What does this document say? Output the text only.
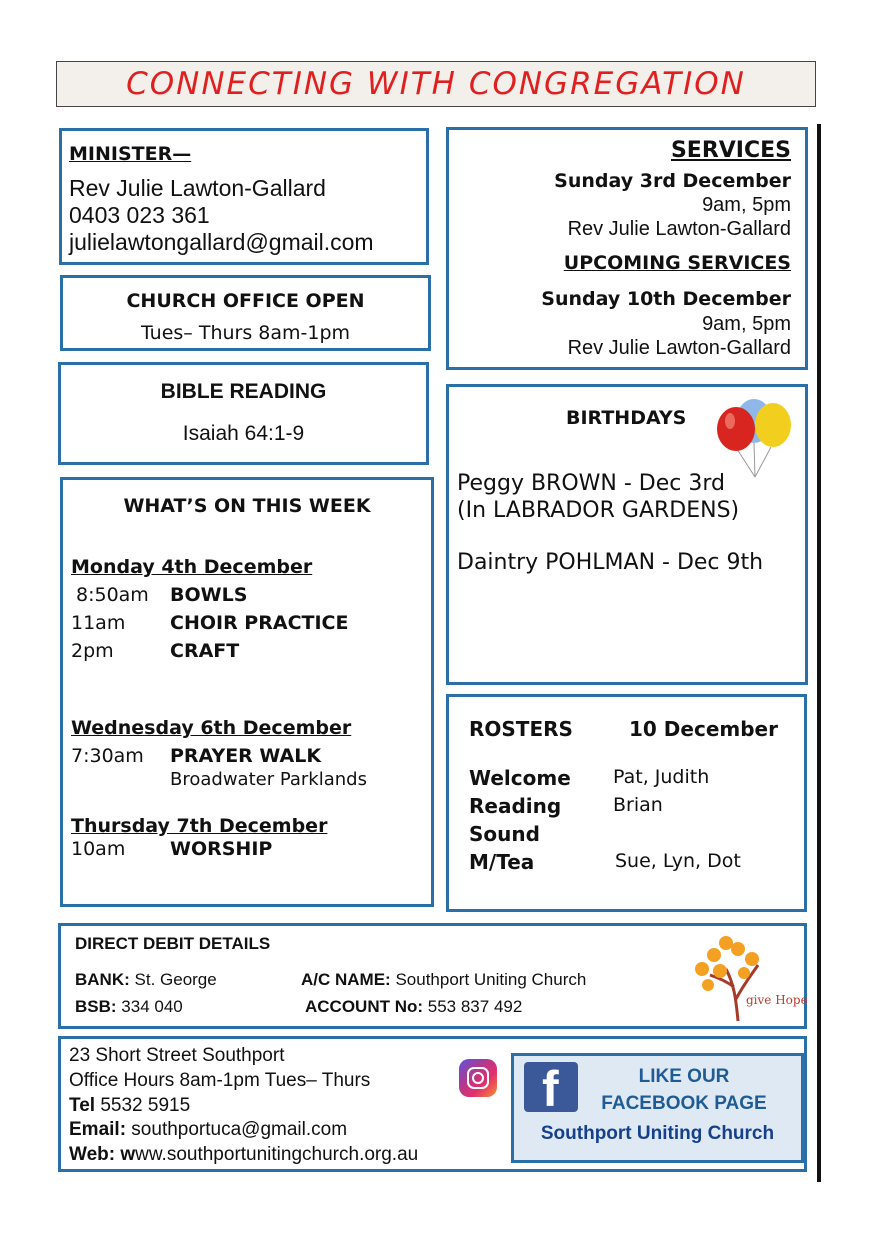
CONNECTING WITH CONGREGATION
MINISTER—
Rev Julie Lawton-Gallard
0403 023 361
julielawtongallard@gmail.com
CHURCH OFFICE OPEN
Tues– Thurs 8am-1pm
BIBLE READING
Isaiah 64:1-9
WHAT’S ON THIS WEEK
Monday 4th December
8:50am BOWLS
11am CHOIR PRACTICE
2pm	CRAFT
Wednesday 6th December
7:30am PRAYER WALK
Broadwater Parklands
Thursday 7th December
10am WORSHIP
SERVICES
Sunday 3rd December
9am, 5pm
Rev Julie Lawton-Gallard
UPCOMING SERVICES
Sunday 10th December
9am, 5pm
Rev Julie Lawton-Gallard
BIRTHDAYS
Peggy BROWN - Dec 3rd
(In LABRADOR GARDENS)
Daintry POHLMAN - Dec 9th
ROSTERS	10 December
Welcome Pat, Judith
Reading	Brian
Sound
M/Tea	Sue, Lyn, Dot
DIRECT DEBIT DETAILS
BANK: St. George	A/C NAME: Southport Uniting Church
BSB: 334 040	ACCOUNT No: 553 837 492	give Hope
23 Short Street Southport
Office Hours 8am-1pm Tues– Thurs
Tel 5532 5915
Email: southportuca@gmail.com
Web: www.southportunitingchurch.org.au
f	LIKE OUR
FACEBOOK PAGE
Southport Uniting Church
